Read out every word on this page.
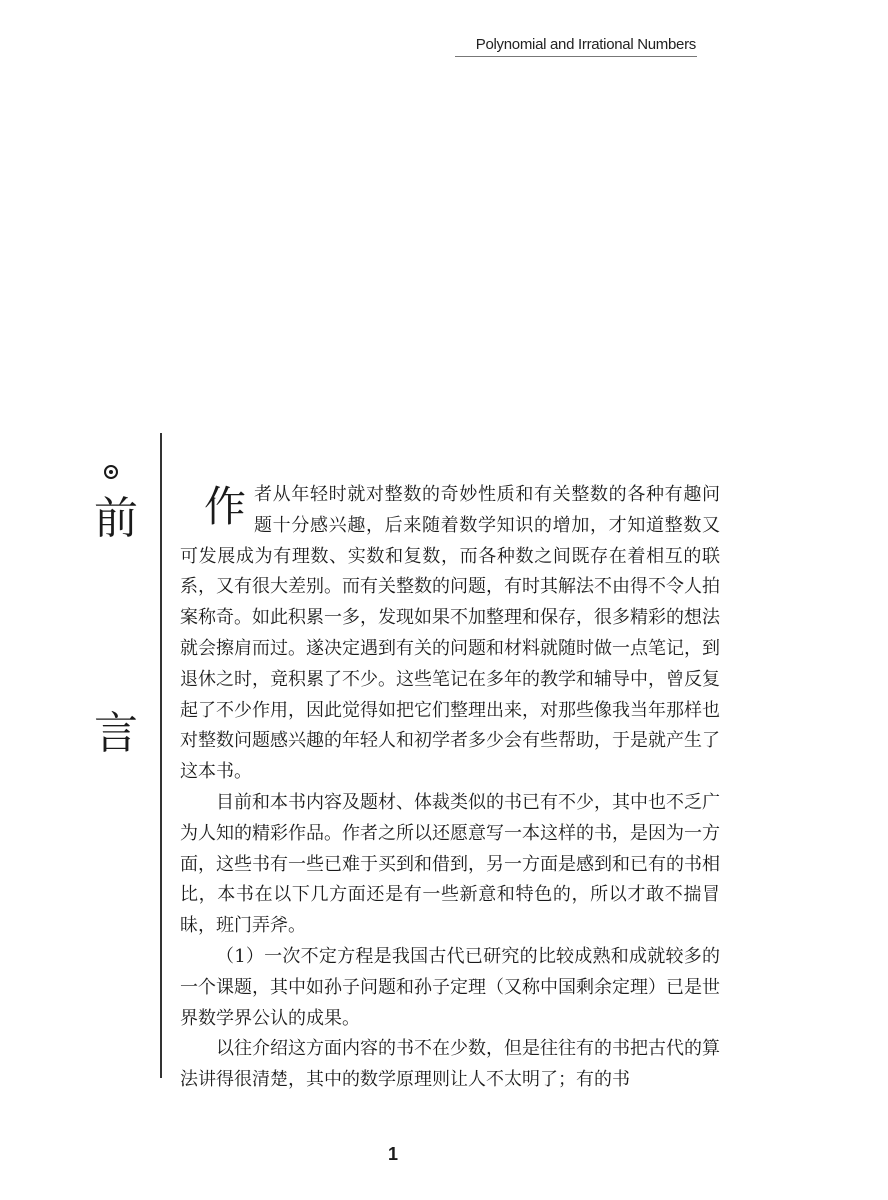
Polynomial and Irrational Numbers
前
言

作者从年轻时就对整数的奇妙性质和有关整数的各种有趣问题十分感兴趣，后来随着数学知识的增加，才知道整数又可发展成为有理数、实数和复数，而各种数之间既存在着相互的联系，又有很大差别。而有关整数的问题，有时其解法不由得不令人拍案称奇。如此积累一多，发现如果不加整理和保存，很多精彩的想法就会擦肩而过。遂决定遇到有关的问题和材料就随时做一点笔记，到退休之时，竟积累了不少。这些笔记在多年的教学和辅导中，曾反复起了不少作用，因此觉得如把它们整理出来，对那些像我当年那样也对整数问题感兴趣的年轻人和初学者多少会有些帮助，于是就产生了这本书。

目前和本书内容及题材、体裁类似的书已有不少，其中也不乏广为人知的精彩作品。作者之所以还愿意写一本这样的书，是因为一方面，这些书有一些已难于买到和借到，另一方面是感到和已有的书相比，本书在以下几方面还是有一些新意和特色的，所以才敢不揣冒昧，班门弄斧。

（1）一次不定方程是我国古代已研究的比较成熟和成就较多的一个课题，其中如孙子问题和孙子定理（又称中国剩余定理）已是世界数学界公认的成果。

以往介绍这方面内容的书不在少数，但是往往有的书把古代的算法讲得很清楚，其中的数学原理则让人不太明了；有的书

1
